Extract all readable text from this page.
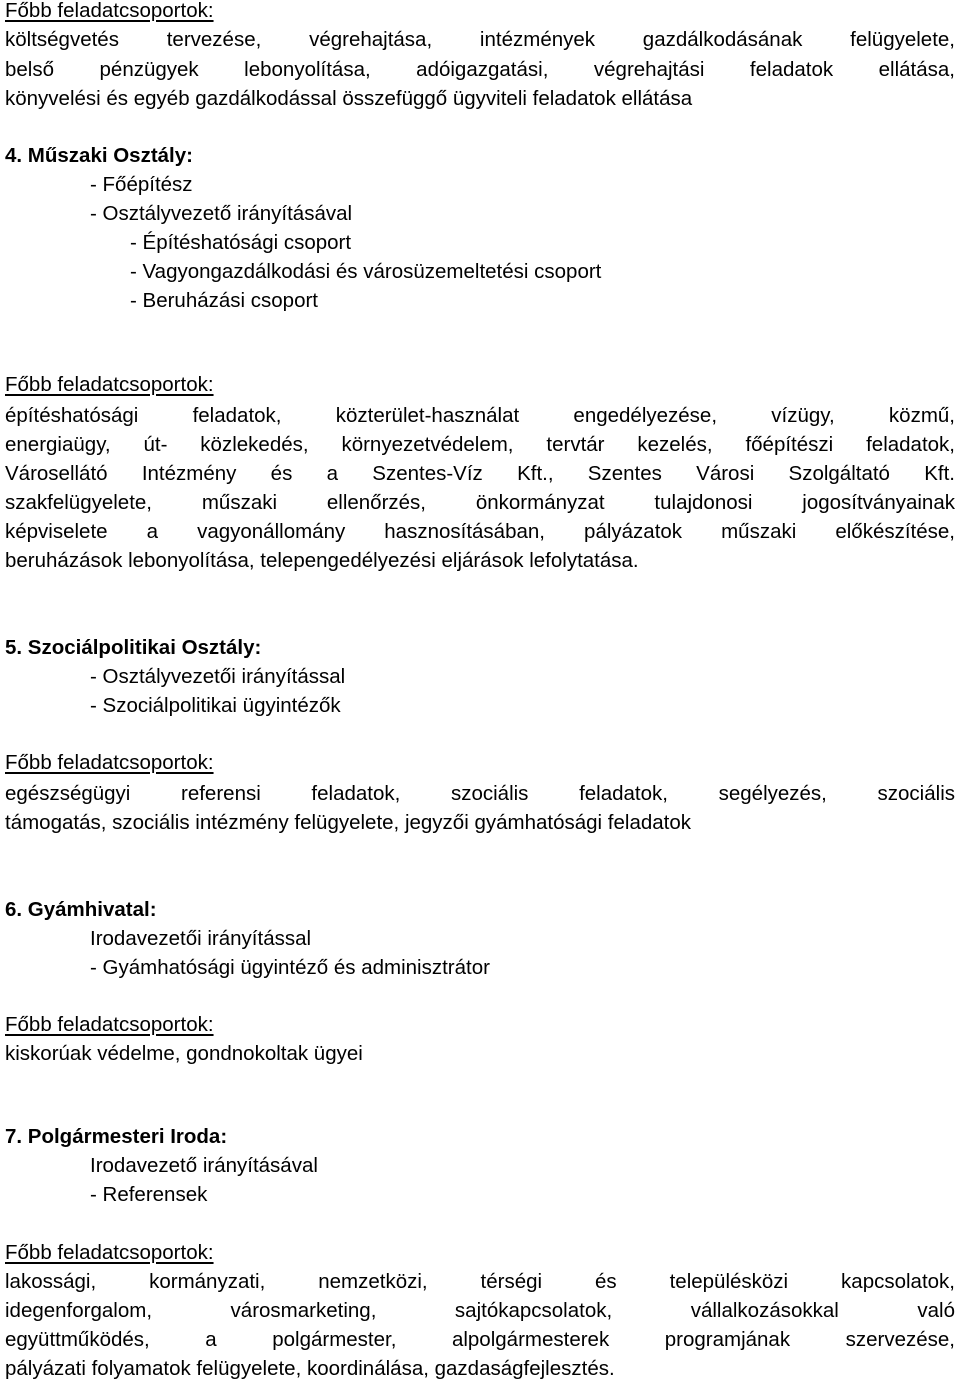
Főbb feladatcsoportok:
költségvetés tervezése, végrehajtása, intézmények gazdálkodásának felügyelete,
belső pénzügyek lebonyolítása, adóigazgatási, végrehajtási feladatok ellátása,
könyvelési és egyéb gazdálkodással összefüggő ügyviteli feladatok ellátása
4. Műszaki Osztály:
- Főépítész
- Osztályvezető irányításával
- Építéshatósági csoport
- Vagyongazdálkodási és városüzemeltetési csoport
- Beruházási csoport
Főbb feladatcsoportok:
építéshatósági feladatok, közterület-használat engedélyezése, vízügy, közmű,
energiaügy, út- közlekedés, környezetvédelem, tervtár kezelés, főépítészi feladatok,
Városellátó Intézmény és a Szentes-Víz Kft., Szentes Városi Szolgáltató Kft.
szakfelügyelete, műszaki ellenőrzés, önkormányzat tulajdonosi jogosítványainak
képviselete a vagyonállomány hasznosításában, pályázatok műszaki előkészítése,
beruházások lebonyolítása, telepengedélyezési eljárások lefolytatása.
5. Szociálpolitikai Osztály:
- Osztályvezetői irányítással
- Szociálpolitikai ügyintézők
Főbb feladatcsoportok:
egészségügyi referensi feladatok, szociális feladatok, segélyezés, szociális
támogatás, szociális intézmény felügyelete, jegyzői gyámhatósági feladatok
6. Gyámhivatal:
Irodavezetői irányítással
- Gyámhatósági ügyintéző és adminisztrátor
Főbb feladatcsoportok:
kiskorúak védelme, gondnokoltak ügyei
7. Polgármesteri Iroda:
Irodavezető irányításával
- Referensek
Főbb feladatcsoportok:
lakossági, kormányzati, nemzetközi, térségi és településközi kapcsolatok,
idegenforgalom, városmarketing, sajtókapcsolatok, vállalkozásokkal való
együttműködés, a polgármester, alpolgármesterek programjának szervezése,
pályázati folyamatok felügyelete, koordinálása, gazdaságfejlesztés.
